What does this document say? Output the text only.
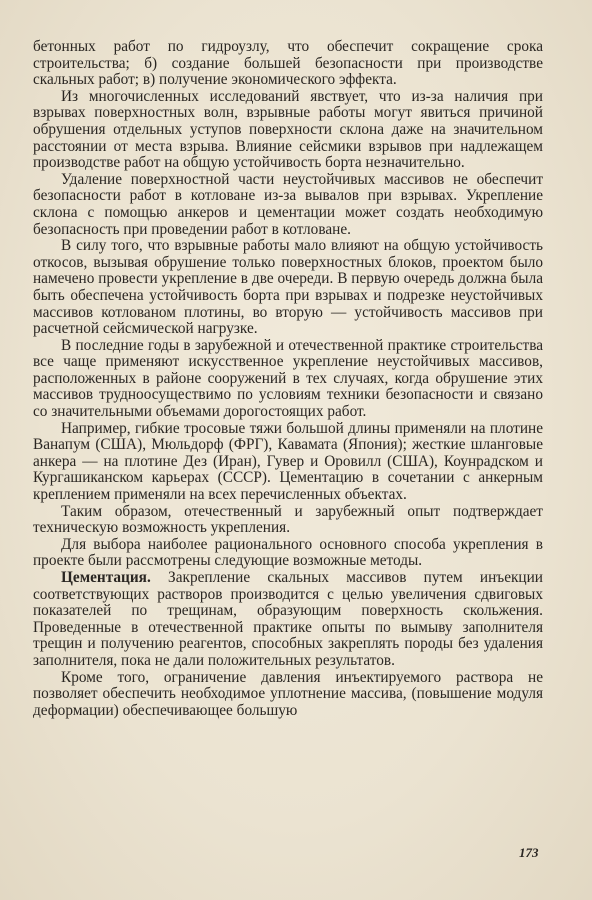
бетонных работ по гидроузлу, что обеспечит сокращение срока строительства; б) создание большей безопасности при производстве скальных работ; в) получение экономического эффекта.

Из многочисленных исследований явствует, что из-за наличия при взрывах поверхностных волн, взрывные работы могут явиться причиной обрушения отдельных уступов поверхности склона даже на значительном расстоянии от места взрыва. Влияние сейсмики взрывов при надлежащем производстве работ на общую устойчивость борта незначительно.

Удаление поверхностной части неустойчивых массивов не обеспечит безопасности работ в котловане из-за вывалов при взрывах. Укрепление склона с помощью анкеров и цементации может создать необходимую безопасность при проведении работ в котловане.

В силу того, что взрывные работы мало влияют на общую устойчивость откосов, вызывая обрушение только поверхностных блоков, проектом было намечено провести укрепление в две очереди. В первую очередь должна была быть обеспечена устойчивость борта при взрывах и подрезке неустойчивых массивов котлованом плотины, во вторую — устойчивость массивов при расчетной сейсмической нагрузке.

В последние годы в зарубежной и отечественной практике строительства все чаще применяют искусственное укрепление неустойчивых массивов, расположенных в районе сооружений в тех случаях, когда обрушение этих массивов трудноосуществимо по условиям техники безопасности и связано со значительными объемами дорогостоящих работ.

Например, гибкие тросовые тяжи большой длины применяли на плотине Ванапум (США), Мюльдорф (ФРГ), Кавамата (Япония); жесткие шланговые анкера — на плотине Дез (Иран), Гувер и Оровилл (США), Коунрадском и Кургашиканском карьерах (СССР). Цементацию в сочетании с анкерным креплением применяли на всех перечисленных объектах.

Таким образом, отечественный и зарубежный опыт подтверждает техническую возможность укрепления.

Для выбора наиболее рационального основного способа укрепления в проекте были рассмотрены следующие возможные методы.

Цементация. Закрепление скальных массивов путем инъекции соответствующих растворов производится с целью увеличения сдвиговых показателей по трещинам, образующим поверхность скольжения. Проведенные в отечественной практике опыты по вымыву заполнителя трещин и получению реагентов, способных закреплять породы без удаления заполнителя, пока не дали положительных результатов.

Кроме того, ограничение давления инъектируемого раствора не позволяет обеспечить необходимое уплотнение массива, (повышение модуля деформации) обеспечивающее большую

173
